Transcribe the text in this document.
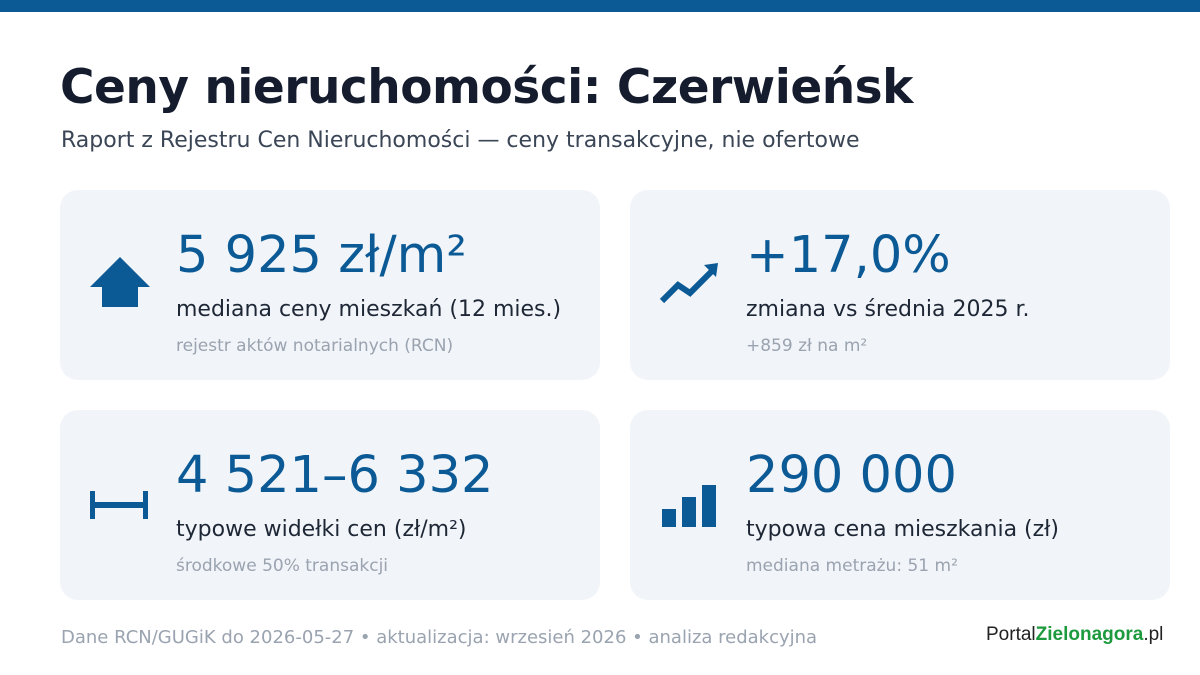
Ceny nieruchomości: Czerwieńsk
Raport z Rejestru Cen Nieruchomości — ceny transakcyjne, nie ofertowe
5 925 zł/m²
mediana ceny mieszkań (12 mies.)
rejestr aktów notarialnych (RCN)
+17,0%
zmiana vs średnia 2025 r.
+859 zł na m²
4 521–6 332
typowe widełki cen (zł/m²)
środkowe 50% transakcji
290 000
typowa cena mieszkania (zł)
mediana metrażu: 51 m²
Dane RCN/GUGiK do 2026-05-27 • aktualizacja: wrzesień 2026 • analiza redakcyjna	PortalZielonagora.pl
